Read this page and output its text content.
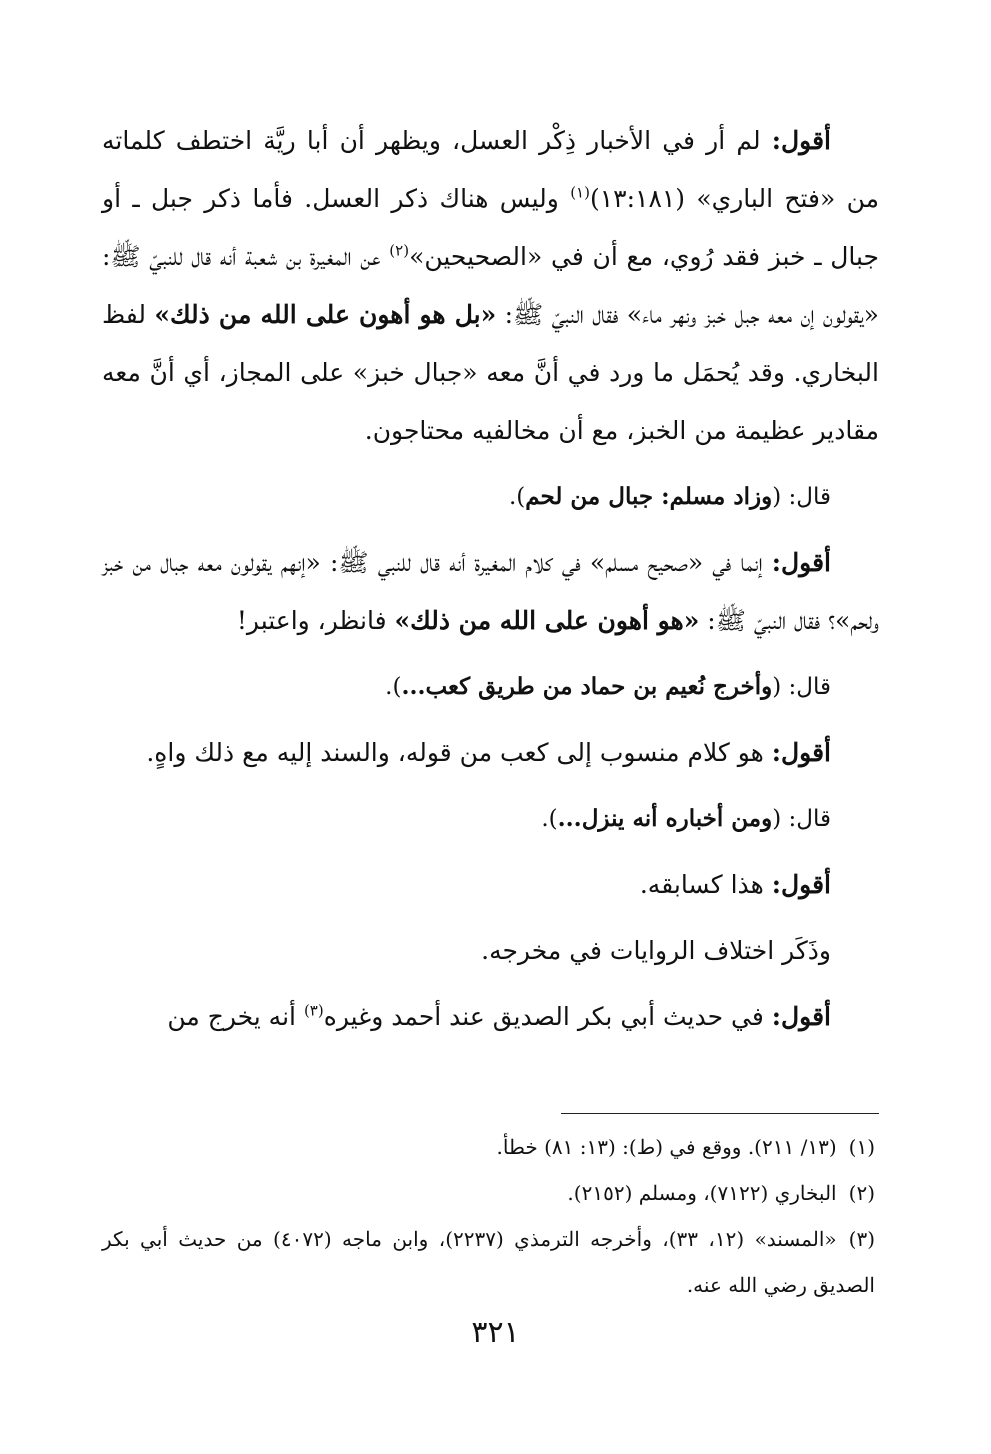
أقول: لم أر في الأخبار ذِكْر العسل، ويظهر أن أبا ريَّة اختطف كلماته من «فتح الباري» (١٣:١٨١)$^{(١)}$ وليس هناك ذكر العسل. فأما ذكر جبل ـ أو جبال ـ خبز فقد رُوي، مع أن في «الصحيحين»$^{(٢)}$ عن المغيرة بن شعبة أنه قال للنبيّ ﷺ: «يقولون إن معه جبل خبز ونهر ماء» فقال النبيّ ﷺ: «بل هو أهون على الله من ذلك» لفظ البخاري. وقد يُحمَل ما ورد في أنَّ معه «جبال خبز» على المجاز، أي أنَّ معه مقادير عظيمة من الخبز، مع أن مخالفيه محتاجون.

قال: (وزاد مسلم: جبال من لحم).

أقول: إنما في «صحيح مسلم» في كلام المغيرة أنه قال للنبي ﷺ: «إنهم يقولون معه جبال من خبز ولحم»؟ فقال النبيّ ﷺ: «هو أهون على الله من ذلك» فانظر، واعتبر!

قال: (وأخرج نُعيم بن حماد من طريق كعب...).

أقول: هو كلام منسوب إلى كعب من قوله، والسند إليه مع ذلك واهٍ.

قال: (ومن أخباره أنه ينزل...).

أقول: هذا كسابقه.

وذَكَر اختلاف الروايات في مخرجه.

أقول: في حديث أبي بكر الصديق عند أحمد وغيره$^{(٣)}$ أنه يخرج من

(١)(١٣/ ٢١١). ووقع في (ط): (١٣: ٨١) خطأ.

(٢)البخاري (٧١٢٢)، ومسلم (٢١٥٢).

(٣)«المسند» (١٢، ٣٣)، وأخرجه الترمذي (٢٢٣٧)، وابن ماجه (٤٠٧٢) من حديث أبي بكر الصديق رضي الله عنه.

٣٢١
